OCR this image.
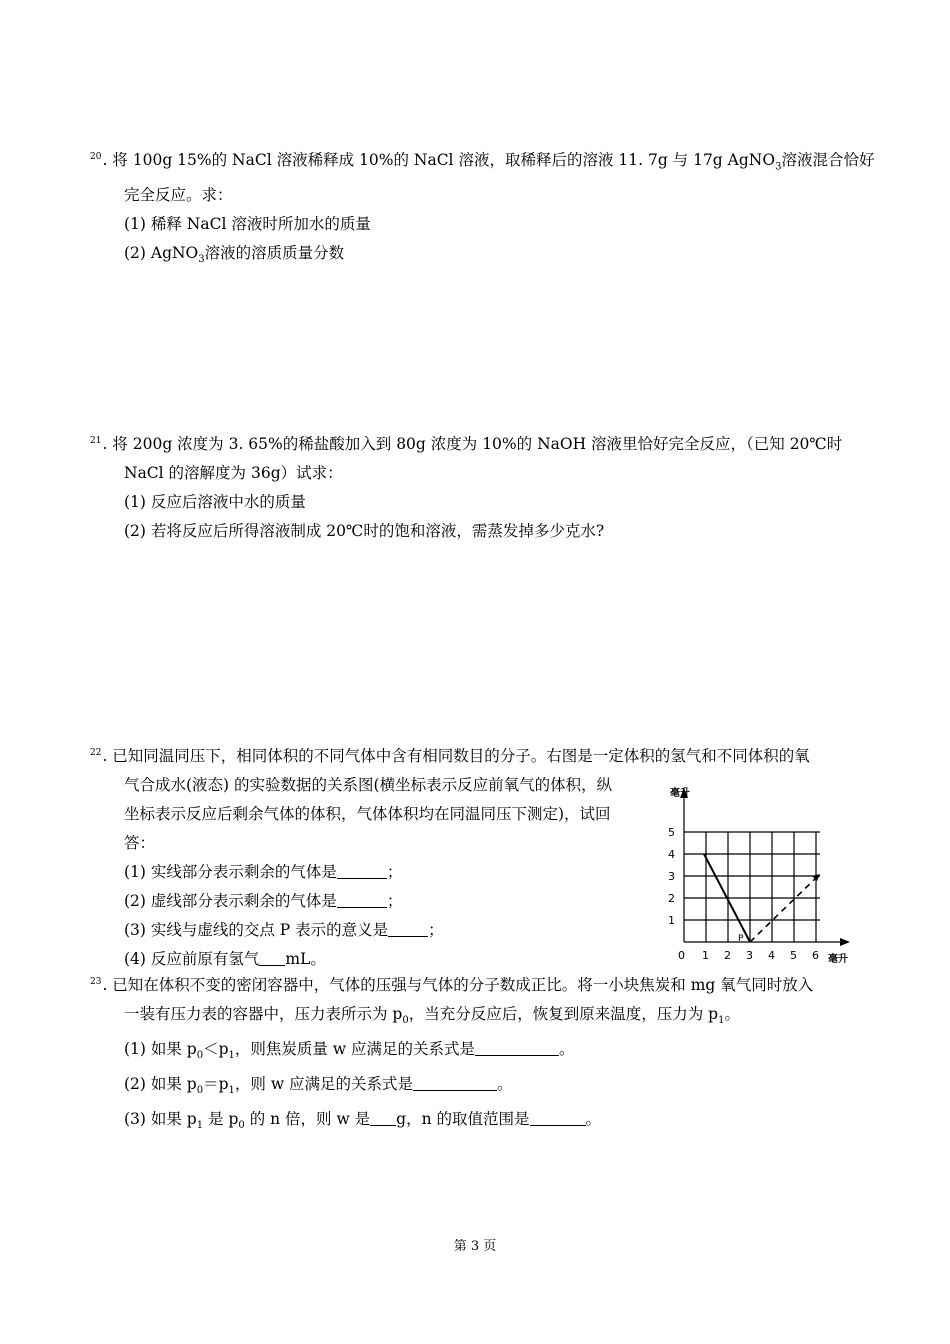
$^{20}$. 将 100g 15%的 NaCl 溶液稀释成 10%的 NaCl 溶液，取稀释后的溶液 11. 7g 与 17g AgNO$_3$溶液混合恰好
完全反应。求：
(1) 稀释 NaCl 溶液时所加水的质量
(2) AgNO$_3$溶液的溶质质量分数
$^{21}$. 将 200g 浓度为 3. 65%的稀盐酸加入到 80g 浓度为 10%的 NaOH 溶液里恰好完全反应，（已知 20℃时
NaCl 的溶解度为 36g）试求：
(1) 反应后溶液中水的质量
(2) 若将反应后所得溶液制成 20℃时的饱和溶液，需蒸发掉多少克水?
$^{22}$. 已知同温同压下，相同体积的不同气体中含有相同数目的分子。右图是一定体积的氢气和不同体积的氧
气合成水(液态) 的实验数据的关系图(横坐标表示反应前氧气的体积，纵
坐标表示反应后剩余气体的体积，气体体积均在同温同压下测定)，试回
答：
(1) 实线部分表示剩余的气体是	；
(2) 虚线部分表示剩余的气体是	；
(3) 实线与虚线的交点 P 表示的意义是	；
(4) 反应前原有氢气 mL。
1
2
3
4
5
0 1 2 3 4 5 6
P
毫升
毫升
$^{23}$. 已知在体积不变的密闭容器中，气体的压强与气体的分子数成正比。将一小块焦炭和 mg 氧气同时放入
一装有压力表的容器中，压力表所示为 $p_0$，当充分反应后，恢复到原来温度，压力为 $p_1$。
(1) 如果 $p_0<p_1$，则焦炭质量 w 应满足的关系式是	。
(2) 如果 $p_0=p_1$，则 w 应满足的关系式是	。
(3) 如果 $p_1$ 是 $p_0$ 的 n 倍，则 w 是 g，n 的取值范围是	。
第 3 页
